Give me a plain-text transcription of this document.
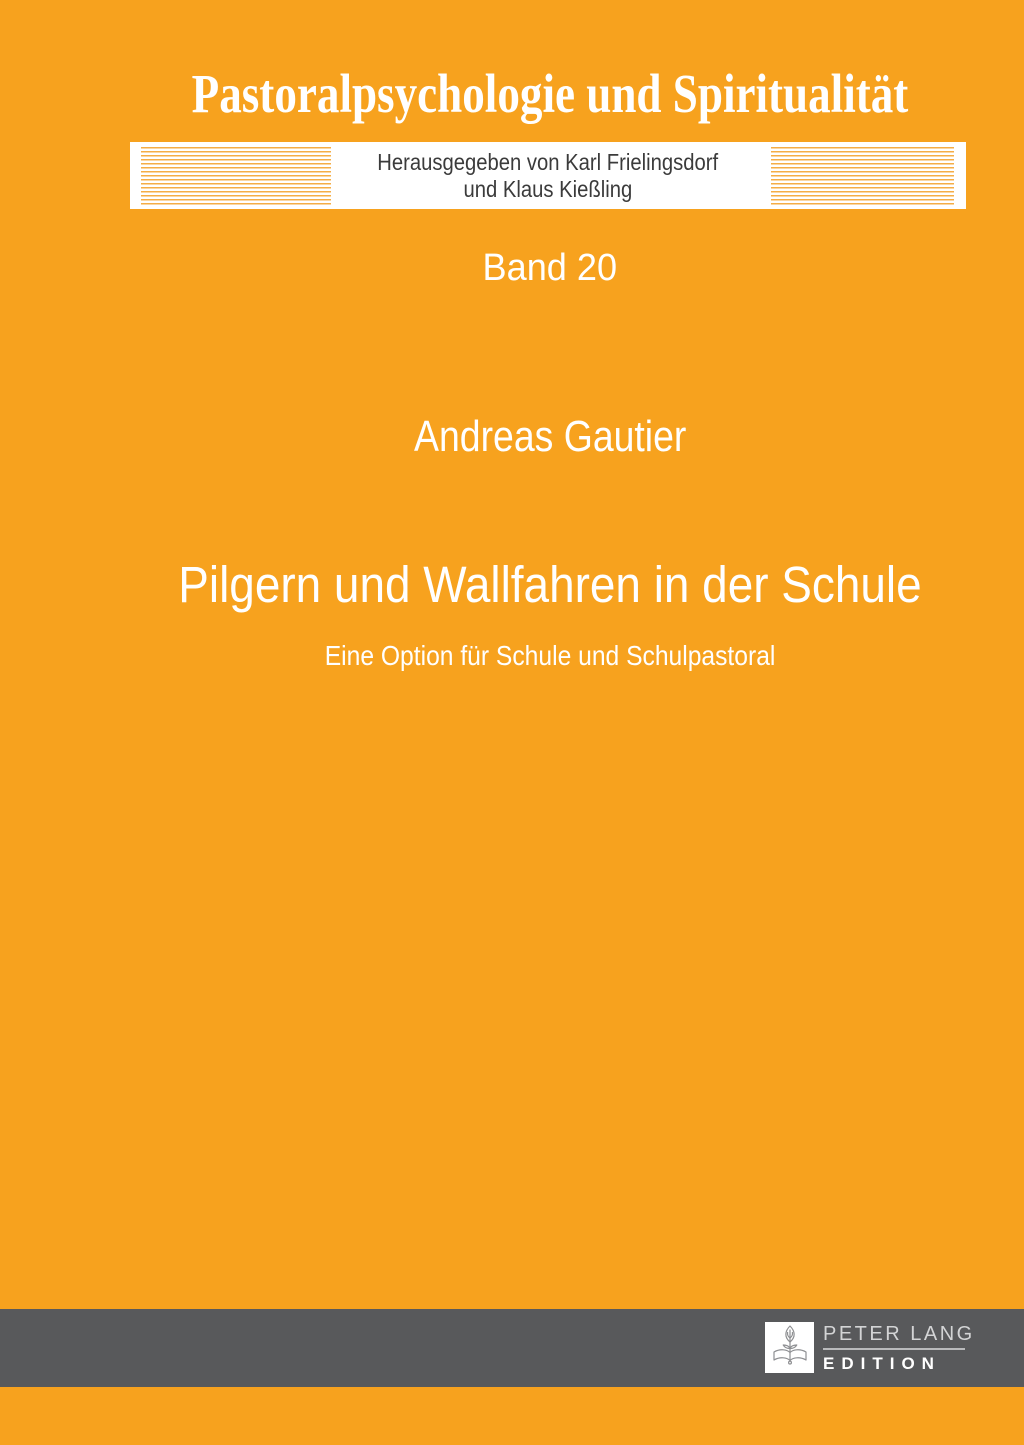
Pastoralpsychologie und Spiritualität
Herausgegeben von Karl Frielingsdorf
und Klaus Kießling
Band 20
Andreas Gautier
Pilgern und Wallfahren in der Schule
Eine Option für Schule und Schulpastoral
PETER LANG
EDITION
